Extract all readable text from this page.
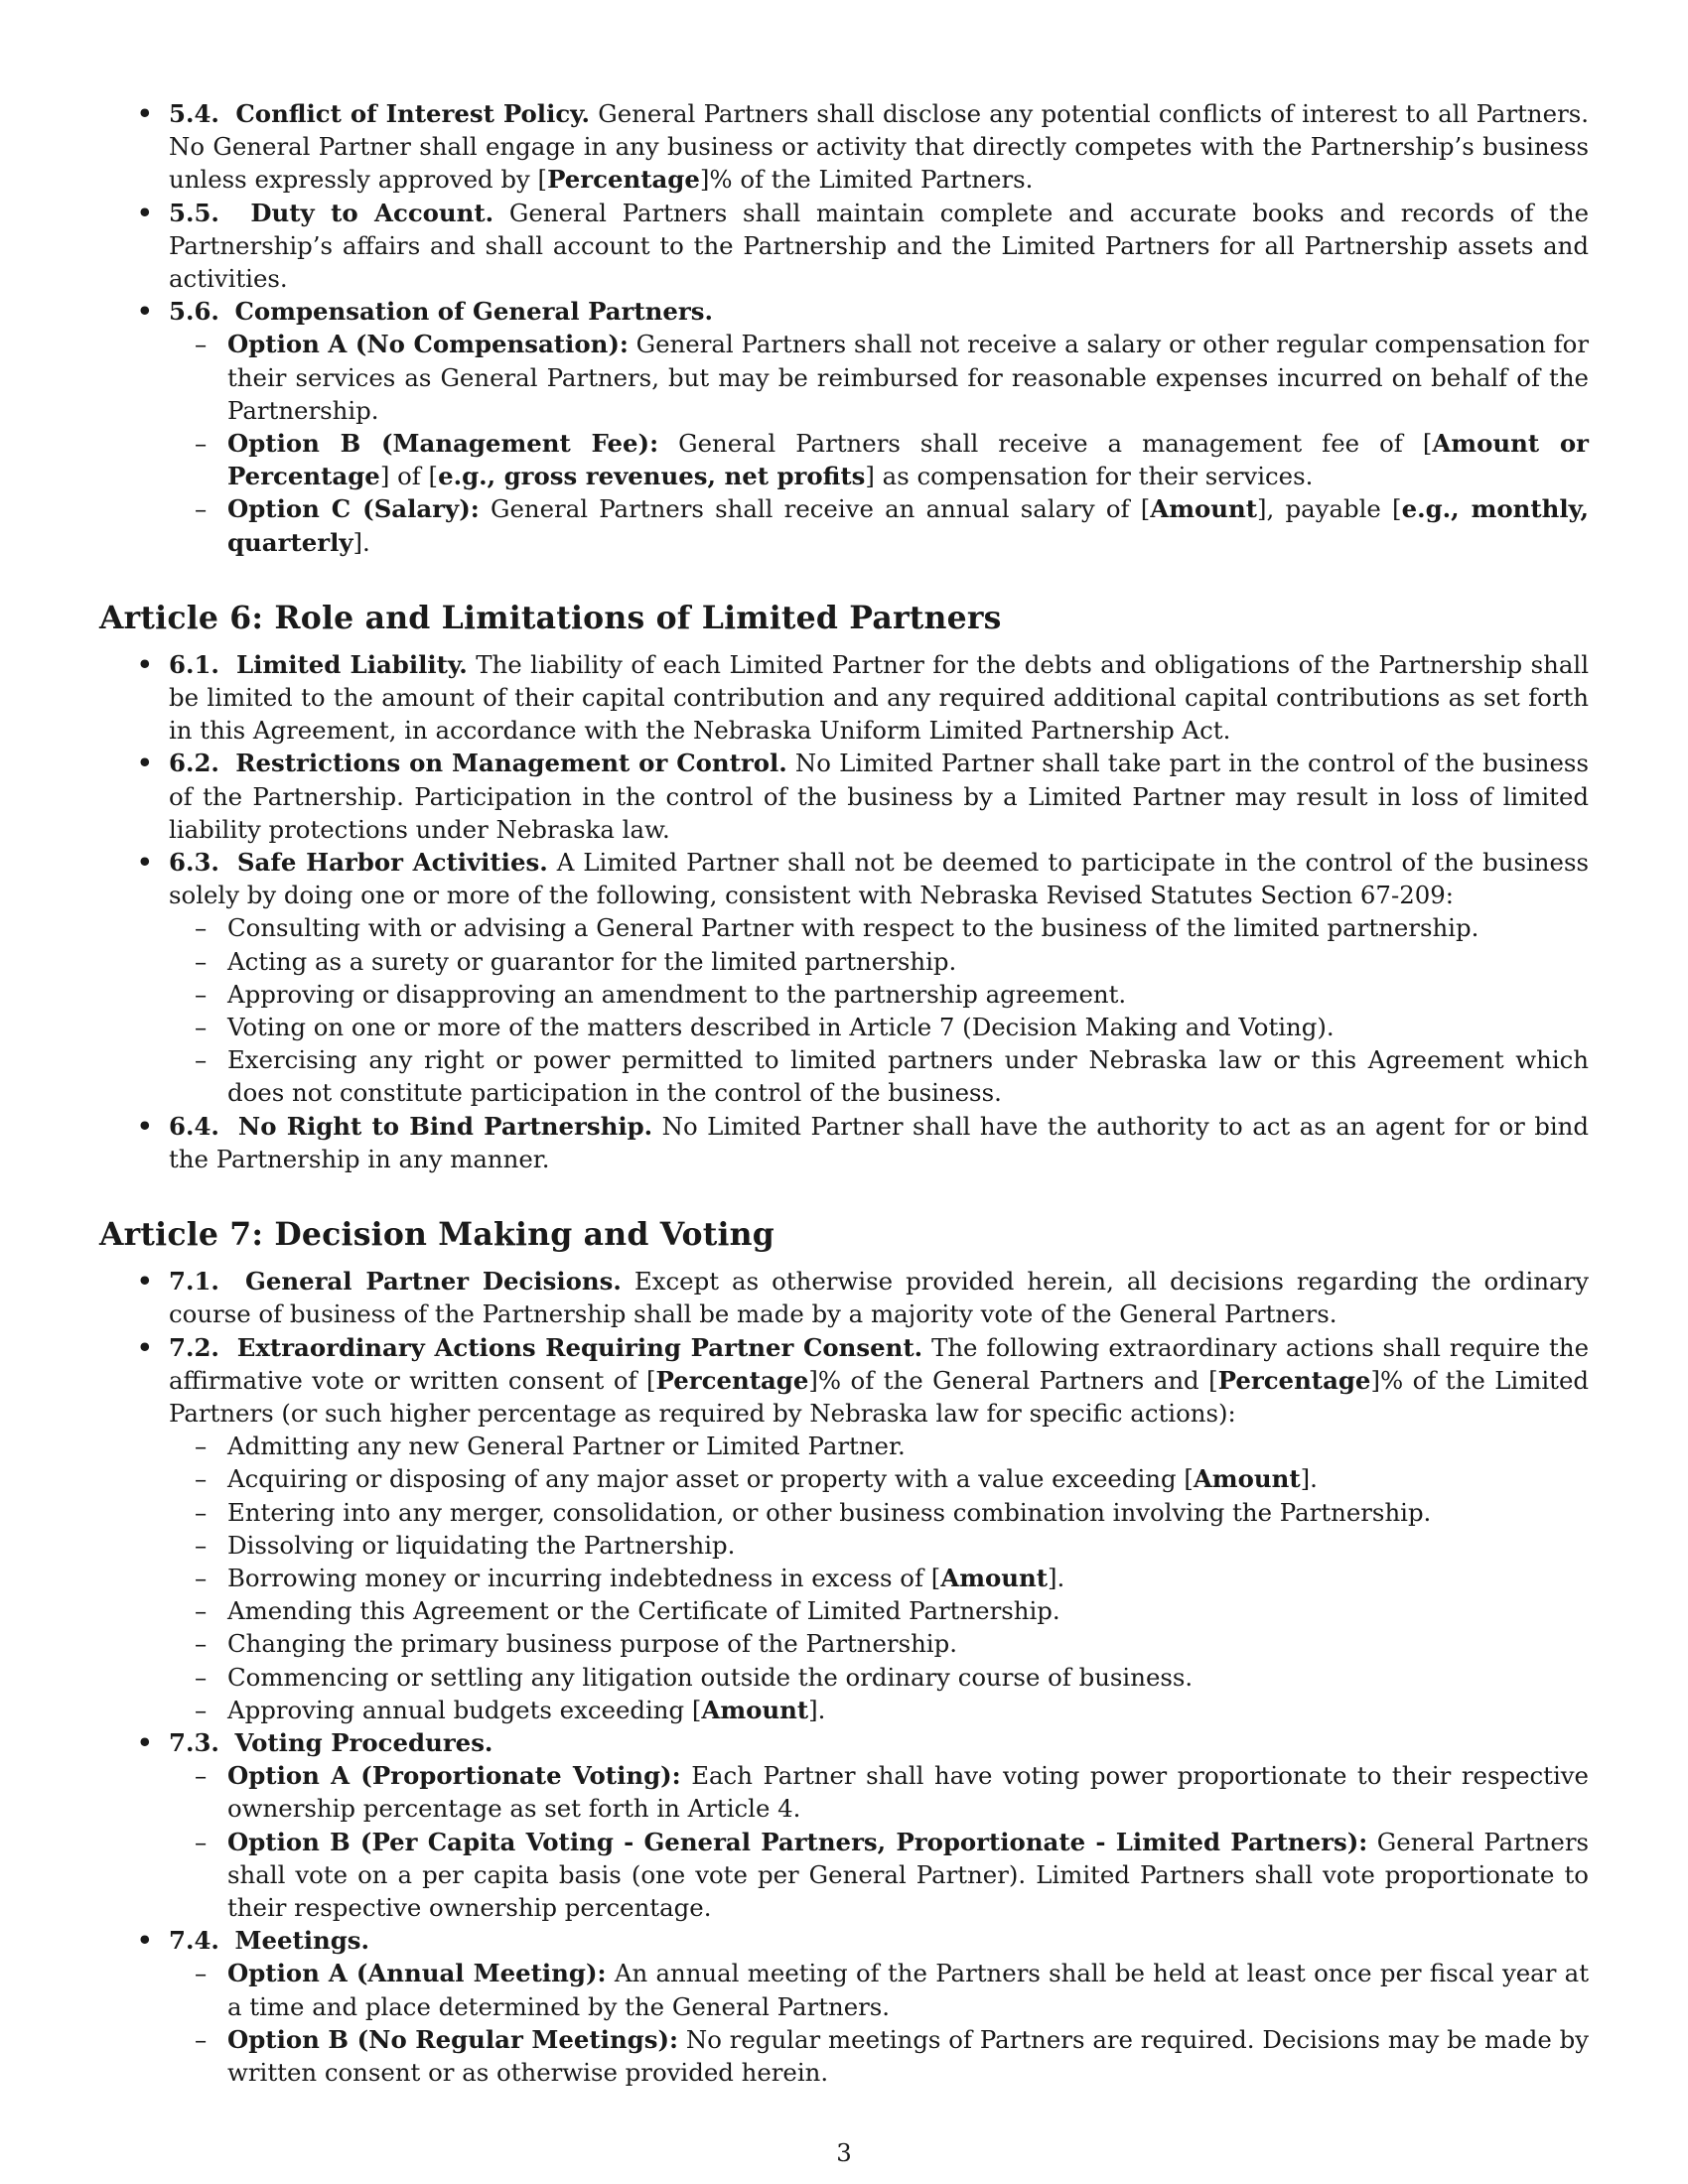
• 5.4. Conflict of Interest Policy. General Partners shall disclose any potential conflicts of interest to all Partners. No General Partner shall engage in any business or activity that directly competes with the Partnership’s business unless expressly approved by [Percentage]% of the Limited Partners.
• 5.5. Duty to Account. General Partners shall maintain complete and accurate books and records of the Partnership’s affairs and shall account to the Partnership and the Limited Partners for all Partnership assets and activities.
• 5.6. Compensation of General Partners.
– Option A (No Compensation): General Partners shall not receive a salary or other regular compensation for their services as General Partners, but may be reimbursed for reasonable expenses incurred on behalf of the Partnership.
– Option B (Management Fee): General Partners shall receive a management fee of [Amount or Percentage] of [e.g., gross revenues, net profits] as compensation for their services.
– Option C (Salary): General Partners shall receive an annual salary of [Amount], payable [e.g., monthly, quarterly].
Article 6: Role and Limitations of Limited Partners
• 6.1. Limited Liability. The liability of each Limited Partner for the debts and obligations of the Partnership shall be limited to the amount of their capital contribution and any required additional capital contributions as set forth in this Agreement, in accordance with the Nebraska Uniform Limited Partnership Act.
• 6.2. Restrictions on Management or Control. No Limited Partner shall take part in the control of the business of the Partnership. Participation in the control of the business by a Limited Partner may result in loss of limited liability protections under Nebraska law.
• 6.3. Safe Harbor Activities. A Limited Partner shall not be deemed to participate in the control of the business solely by doing one or more of the following, consistent with Nebraska Revised Statutes Section 67-209:
– Consulting with or advising a General Partner with respect to the business of the limited partnership.
– Acting as a surety or guarantor for the limited partnership.
– Approving or disapproving an amendment to the partnership agreement.
– Voting on one or more of the matters described in Article 7 (Decision Making and Voting).
– Exercising any right or power permitted to limited partners under Nebraska law or this Agreement which does not constitute participation in the control of the business.
• 6.4. No Right to Bind Partnership. No Limited Partner shall have the authority to act as an agent for or bind the Partnership in any manner.
Article 7: Decision Making and Voting
• 7.1. General Partner Decisions. Except as otherwise provided herein, all decisions regarding the ordinary course of business of the Partnership shall be made by a majority vote of the General Partners.
• 7.2. Extraordinary Actions Requiring Partner Consent. The following extraordinary actions shall require the affirmative vote or written consent of [Percentage]% of the General Partners and [Percentage]% of the Limited Partners (or such higher percentage as required by Nebraska law for specific actions):
– Admitting any new General Partner or Limited Partner.
– Acquiring or disposing of any major asset or property with a value exceeding [Amount].
– Entering into any merger, consolidation, or other business combination involving the Partnership.
– Dissolving or liquidating the Partnership.
– Borrowing money or incurring indebtedness in excess of [Amount].
– Amending this Agreement or the Certificate of Limited Partnership.
– Changing the primary business purpose of the Partnership.
– Commencing or settling any litigation outside the ordinary course of business.
– Approving annual budgets exceeding [Amount].
• 7.3. Voting Procedures.
– Option A (Proportionate Voting): Each Partner shall have voting power proportionate to their respective ownership percentage as set forth in Article 4.
– Option B (Per Capita Voting - General Partners, Proportionate - Limited Partners): General Partners shall vote on a per capita basis (one vote per General Partner). Limited Partners shall vote proportionate to their respective ownership percentage.
• 7.4. Meetings.
– Option A (Annual Meeting): An annual meeting of the Partners shall be held at least once per fiscal year at a time and place determined by the General Partners.
– Option B (No Regular Meetings): No regular meetings of Partners are required. Decisions may be made by written consent or as otherwise provided herein.
3
